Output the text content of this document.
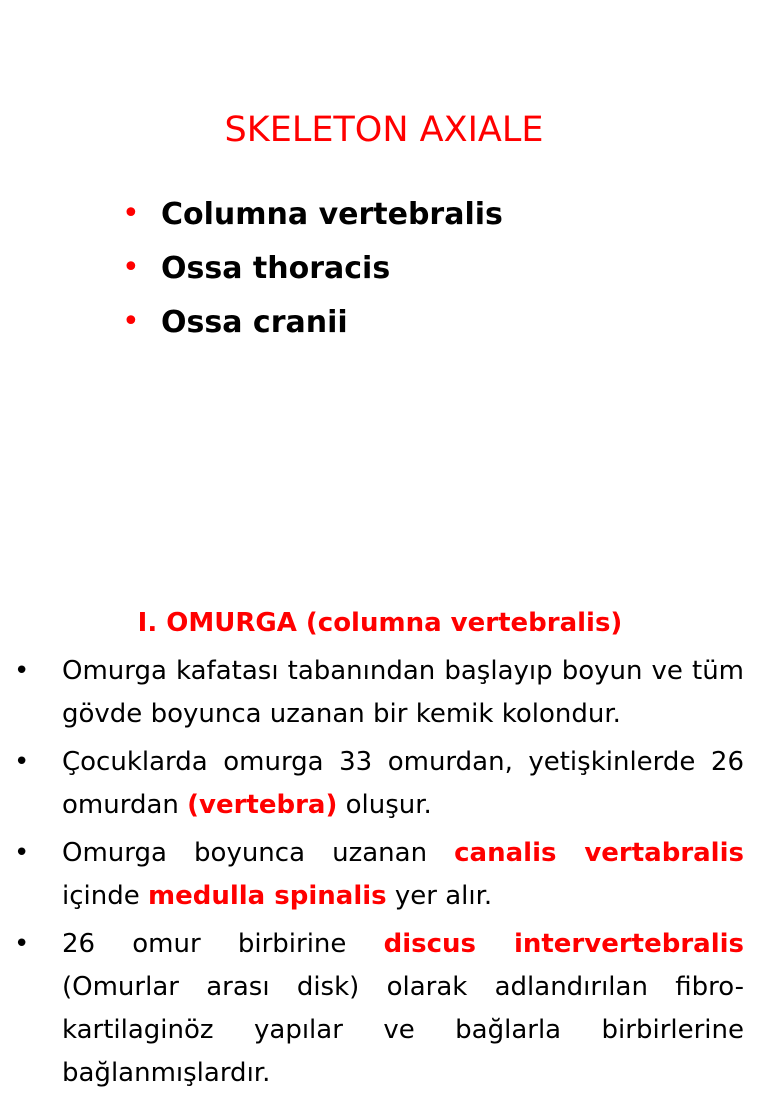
SKELETON AXIALE
• Columna vertebralis
• Ossa thoracis
• Ossa cranii
I. OMURGA (columna vertebralis)
• Omurga kafatası tabanından başlayıp boyun ve tüm gövde boyunca uzanan bir kemik kolondur.
• Çocuklarda omurga 33 omurdan, yetişkinlerde 26 omurdan (vertebra) oluşur.
• Omurga boyunca uzanan canalis vertabralis içinde medulla spinalis yer alır.
• 26 omur birbirine discus intervertebralis (Omurlar arası disk) olarak adlandırılan fibro-kartilaginöz yapılar ve bağlarla birbirlerine bağlanmışlardır.
